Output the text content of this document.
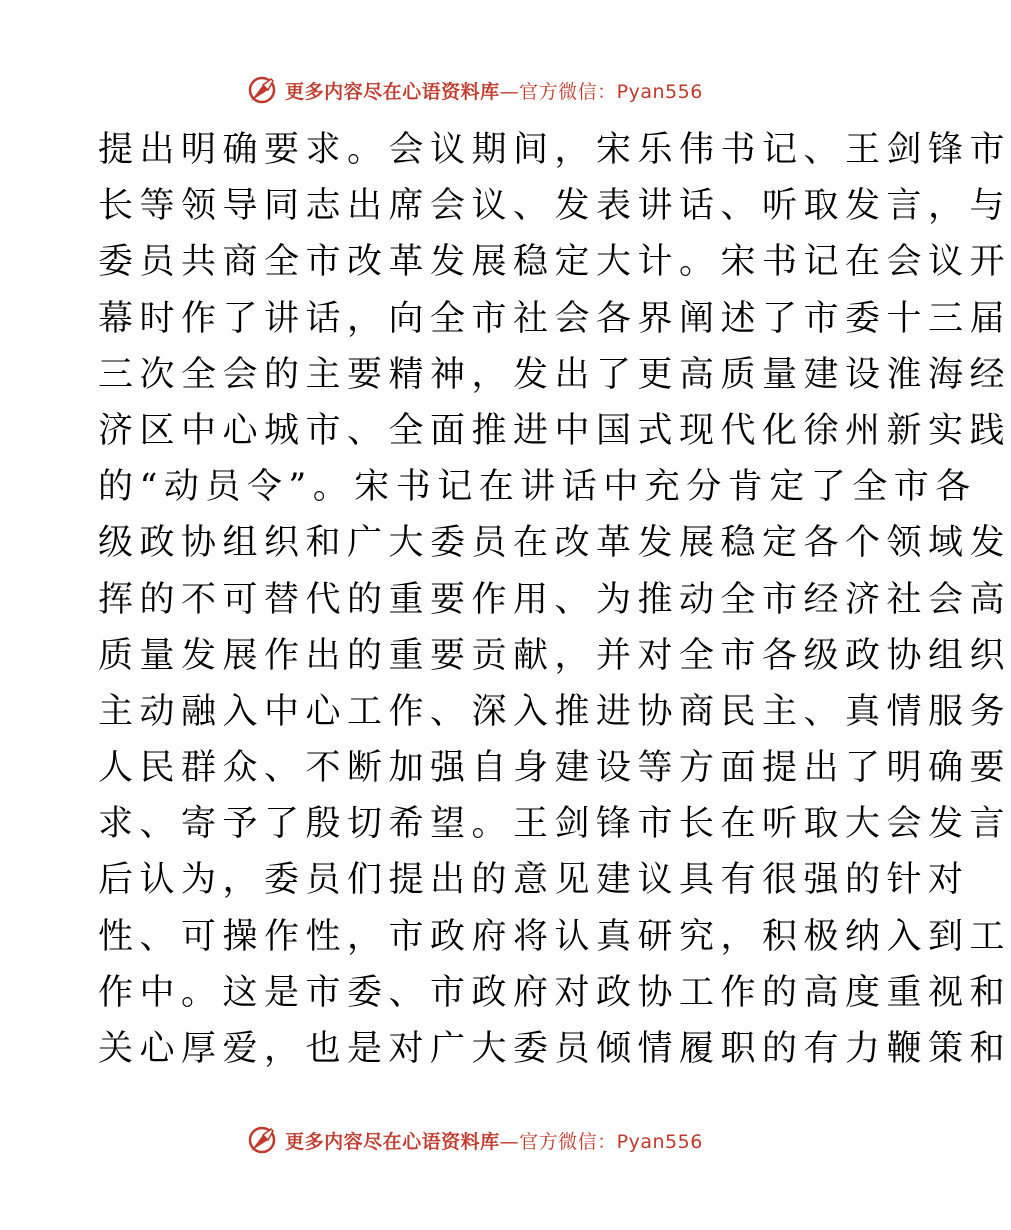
更多内容尽在心语资料库—官方微信：Pyan556
提出明确要求。会议期间，宋乐伟书记、王剑锋市
长等领导同志出席会议、发表讲话、听取发言，与
委员共商全市改革发展稳定大计。宋书记在会议开
幕时作了讲话，向全市社会各界阐述了市委十三届
三次全会的主要精神，发出了更高质量建设淮海经
济区中心城市、全面推进中国式现代化徐州新实践
的“动员令”。宋书记在讲话中充分肯定了全市各
级政协组织和广大委员在改革发展稳定各个领域发
挥的不可替代的重要作用、为推动全市经济社会高
质量发展作出的重要贡献，并对全市各级政协组织
主动融入中心工作、深入推进协商民主、真情服务
人民群众、不断加强自身建设等方面提出了明确要
求、寄予了殷切希望。王剑锋市长在听取大会发言
后认为，委员们提出的意见建议具有很强的针对
性、可操作性，市政府将认真研究，积极纳入到工
作中。这是市委、市政府对政协工作的高度重视和
关心厚爱，也是对广大委员倾情履职的有力鞭策和
更多内容尽在心语资料库—官方微信：Pyan556
